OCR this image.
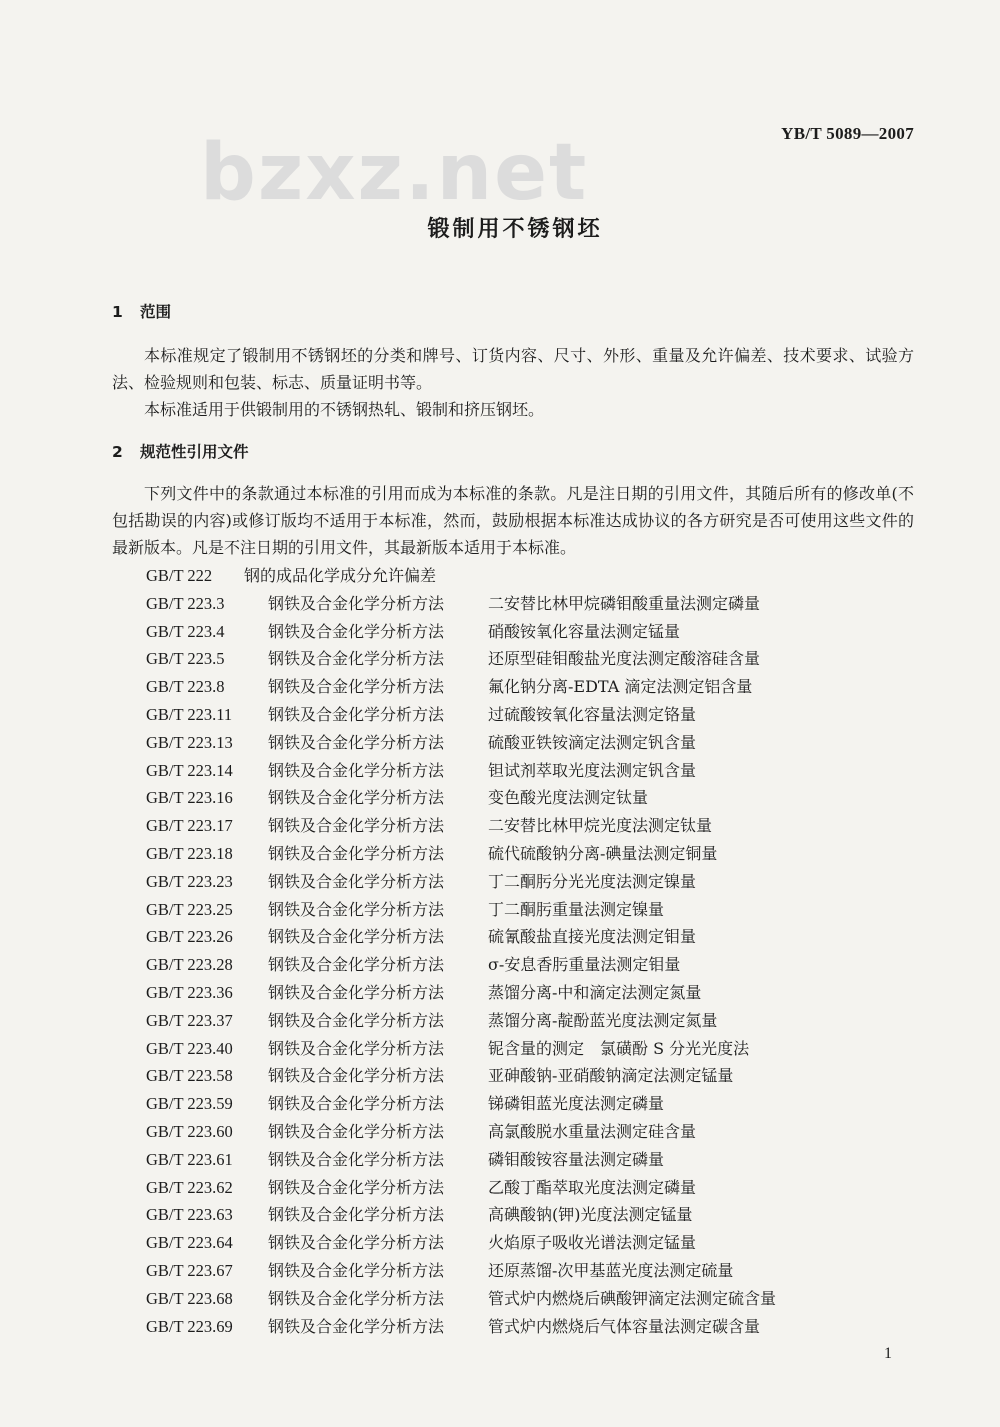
YB/T 5089—2007
bzxz.net
锻制用不锈钢坯
1 范围
本标准规定了锻制用不锈钢坯的分类和牌号、订货内容、尺寸、外形、重量及允许偏差、技术要求、试验方法、检验规则和包装、标志、质量证明书等。
本标准适用于供锻制用的不锈钢热轧、锻制和挤压钢坯。
2 规范性引用文件
下列文件中的条款通过本标准的引用而成为本标准的条款。凡是注日期的引用文件，其随后所有的修改单(不包括勘误的内容)或修订版均不适用于本标准，然而，鼓励根据本标准达成协议的各方研究是否可使用这些文件的最新版本。凡是不注日期的引用文件，其最新版本适用于本标准。
GB/T 222 钢的成品化学成分允许偏差
GB/T 223.3	钢铁及合金化学分析方法	二安替比林甲烷磷钼酸重量法测定磷量
GB/T 223.4	钢铁及合金化学分析方法	硝酸铵氧化容量法测定锰量
GB/T 223.5	钢铁及合金化学分析方法	还原型硅钼酸盐光度法测定酸溶硅含量
GB/T 223.8	钢铁及合金化学分析方法	氟化钠分离-EDTA 滴定法测定铝含量
GB/T 223.11 钢铁及合金化学分析方法	过硫酸铵氧化容量法测定铬量
GB/T 223.13 钢铁及合金化学分析方法	硫酸亚铁铵滴定法测定钒含量
GB/T 223.14 钢铁及合金化学分析方法	钽试剂萃取光度法测定钒含量
GB/T 223.16 钢铁及合金化学分析方法	变色酸光度法测定钛量
GB/T 223.17 钢铁及合金化学分析方法	二安替比林甲烷光度法测定钛量
GB/T 223.18 钢铁及合金化学分析方法	硫代硫酸钠分离-碘量法测定铜量
GB/T 223.23 钢铁及合金化学分析方法	丁二酮肟分光光度法测定镍量
GB/T 223.25 钢铁及合金化学分析方法	丁二酮肟重量法测定镍量
GB/T 223.26 钢铁及合金化学分析方法	硫氰酸盐直接光度法测定钼量
GB/T 223.28 钢铁及合金化学分析方法	σ-安息香肟重量法测定钼量
GB/T 223.36 钢铁及合金化学分析方法	蒸馏分离-中和滴定法测定氮量
GB/T 223.37 钢铁及合金化学分析方法	蒸馏分离-靛酚蓝光度法测定氮量
GB/T 223.40 钢铁及合金化学分析方法	铌含量的测定　氯磺酚 S 分光光度法
GB/T 223.58 钢铁及合金化学分析方法	亚砷酸钠-亚硝酸钠滴定法测定锰量
GB/T 223.59 钢铁及合金化学分析方法	锑磷钼蓝光度法测定磷量
GB/T 223.60 钢铁及合金化学分析方法	高氯酸脱水重量法测定硅含量
GB/T 223.61 钢铁及合金化学分析方法	磷钼酸铵容量法测定磷量
GB/T 223.62 钢铁及合金化学分析方法	乙酸丁酯萃取光度法测定磷量
GB/T 223.63 钢铁及合金化学分析方法	高碘酸钠(钾)光度法测定锰量
GB/T 223.64 钢铁及合金化学分析方法	火焰原子吸收光谱法测定锰量
GB/T 223.67 钢铁及合金化学分析方法	还原蒸馏-次甲基蓝光度法测定硫量
GB/T 223.68 钢铁及合金化学分析方法	管式炉内燃烧后碘酸钾滴定法测定硫含量
GB/T 223.69 钢铁及合金化学分析方法	管式炉内燃烧后气体容量法测定碳含量
1
